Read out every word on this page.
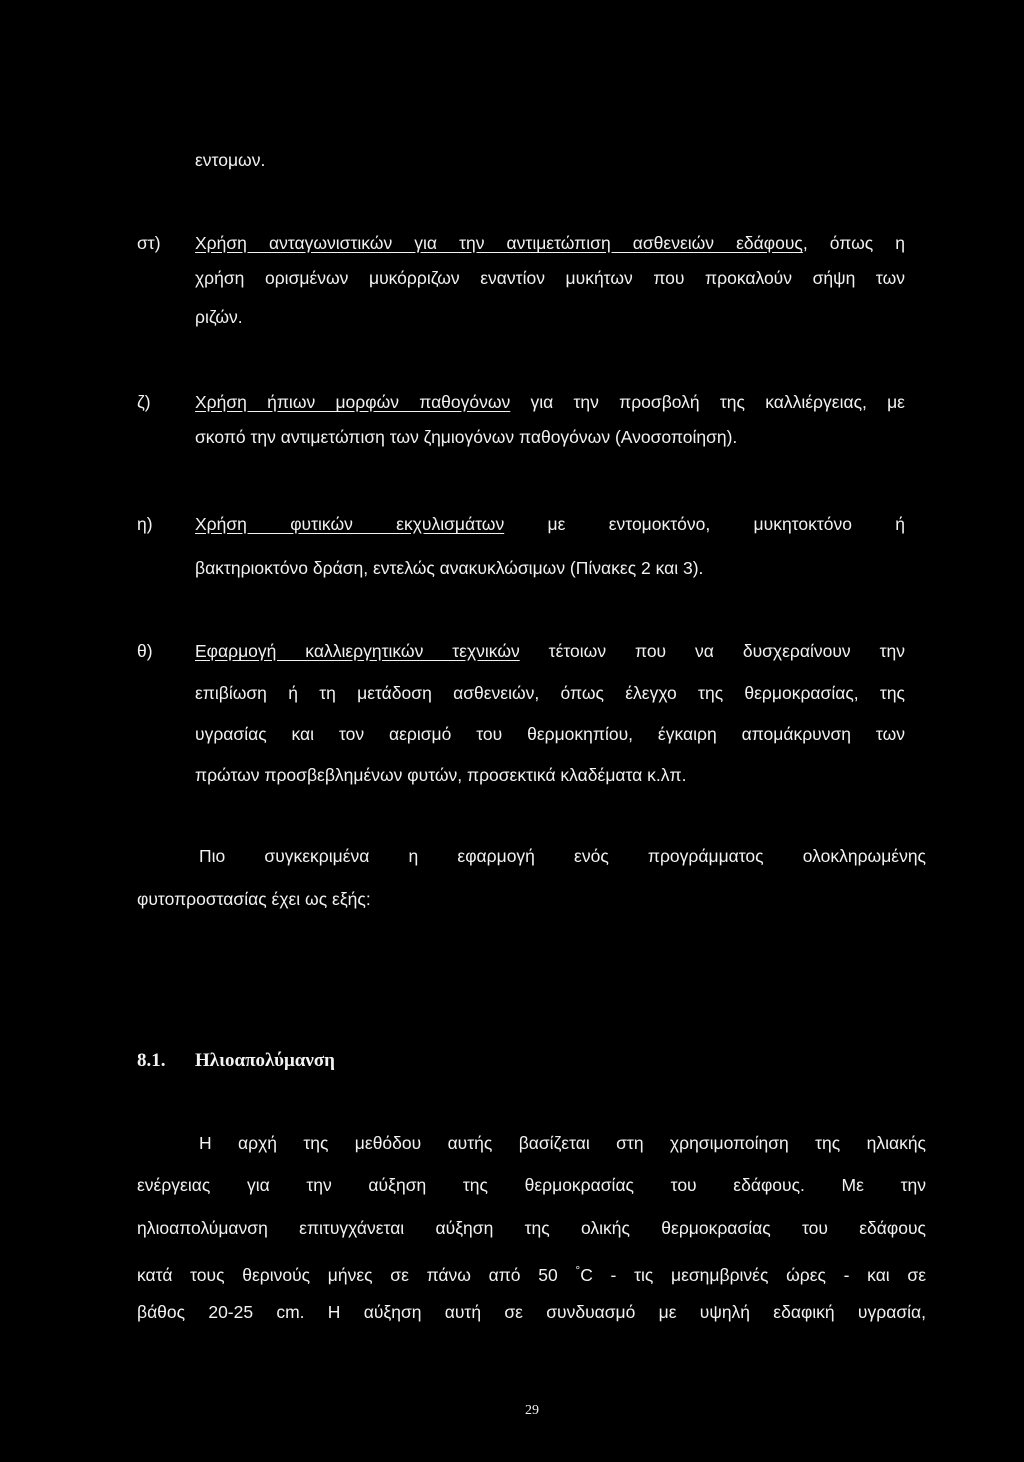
εντομων.
στ) Χρήση ανταγωνιστικών για την αντιμετώπιση ασθενειών εδάφους, όπως η
χρήση ορισμένων μυκόρριζων εναντίον μυκήτων που προκαλούν σήψη των
ριζών.
ζ)	Χρήση ήπιων μορφών παθογόνων για την προσβολή της καλλιέργειας, με
σκοπό την αντιμετώπιση των ζημιογόνων παθογόνων (Ανοσοποίηση).
η) Χρήση φυτικών εκχυλισμάτων με εντομοκτόνο, μυκητοκτόνο ή
βακτηριοκτόνο δράση, εντελώς ανακυκλώσιμων (Πίνακες 2 και 3).
θ) Εφαρμογή καλλιεργητικών τεχνικών τέτοιων που να δυσχεραίνουν την
επιβίωση ή τη μετάδοση ασθενειών, όπως έλεγχο της θερμοκρασίας, της
υγρασίας και τον αερισμό του θερμοκηπίου, έγκαιρη απομάκρυνση των
πρώτων προσβεβλημένων φυτών, προσεκτικά κλαδέματα κ.λπ.
Πιο συγκεκριμένα η εφαρμογή ενός προγράμματος ολοκληρωμένης
φυτοπροστασίας έχει ως εξής:
8.1. Ηλιοαπολύμανση
Η αρχή της μεθόδου αυτής βασίζεται στη χρησιμοποίηση της ηλιακής
ενέργειας για την αύξηση της θερμοκρασίας του εδάφους. Με την
ηλιοαπολύμανση επιτυγχάνεται αύξηση της ολικής θερμοκρασίας του εδάφους
κατά τους θερινούς μήνες σε πάνω από 50 °C - τις μεσημβρινές ώρες - και σε
βάθος 20-25 cm. Η αύξηση αυτή σε συνδυασμό με υψηλή εδαφική υγρασία,
29
